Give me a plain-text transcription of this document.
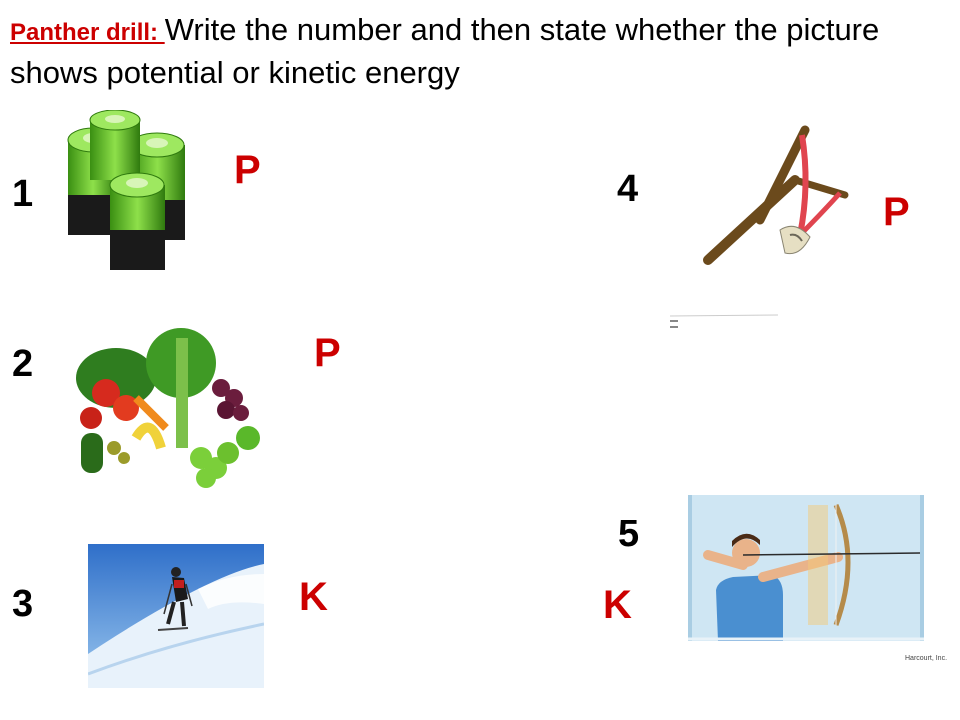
Panther drill: Write the number and then state whether the picture shows potential or kinetic energy
1
P
2	P
3	K
4
P
5
Harcourt, Inc.
K
